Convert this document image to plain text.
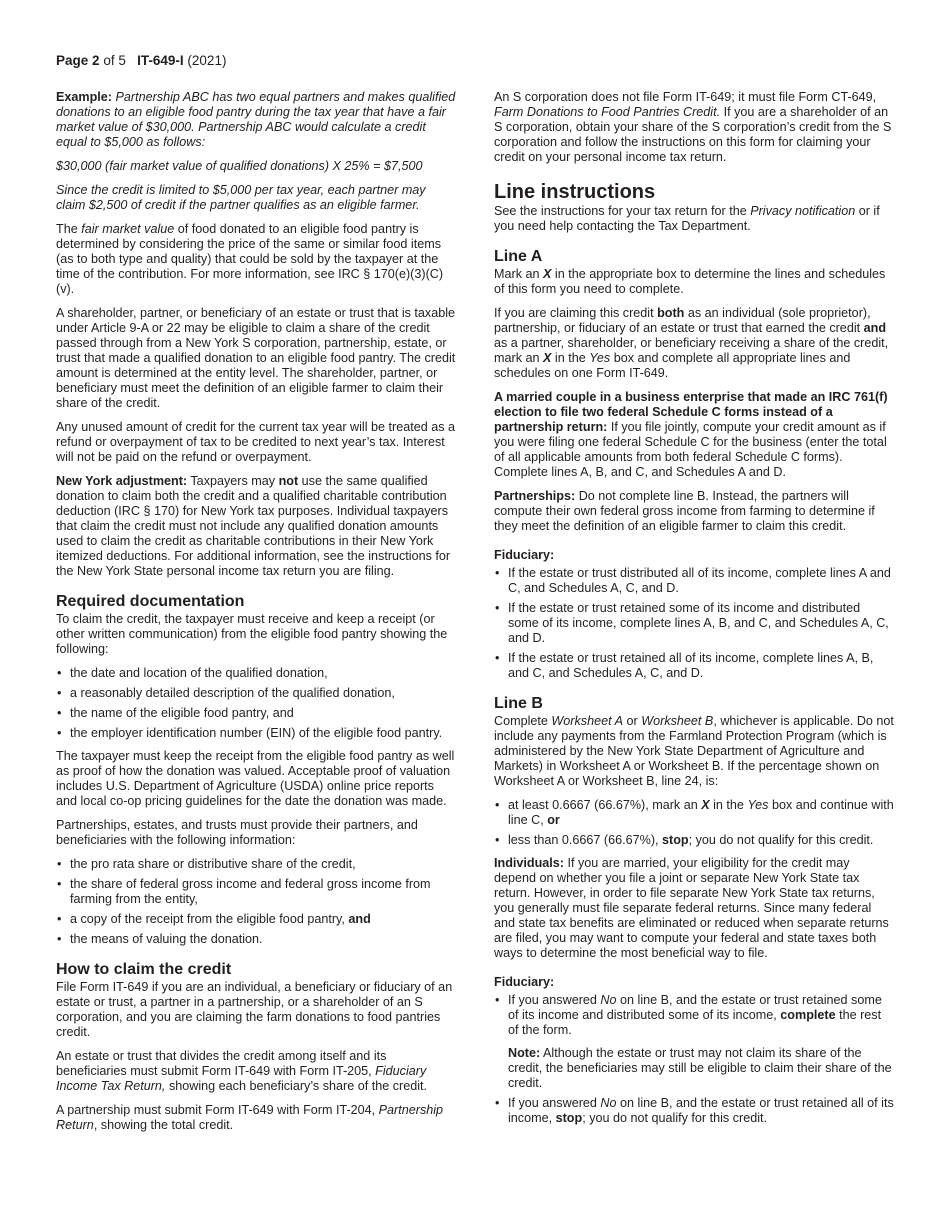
Page 2 of 5 IT-649-I (2021)

Example: Partnership ABC has two equal partners and makes qualified donations to an eligible food pantry during the tax year that have a fair market value of $30,000. Partnership ABC would calculate a credit equal to $5,000 as follows:

$30,000 (fair market value of qualified donations) X 25% = $7,500

Since the credit is limited to $5,000 per tax year, each partner may claim $2,500 of credit if the partner qualifies as an eligible farmer.

The fair market value of food donated to an eligible food pantry is determined by considering the price of the same or similar food items (as to both type and quality) that could be sold by the taxpayer at the time of the contribution. For more information, see IRC § 170(e)(3)(C)(v).

A shareholder, partner, or beneficiary of an estate or trust that is taxable under Article 9-A or 22 may be eligible to claim a share of the credit passed through from a New York S corporation, partnership, estate, or trust that made a qualified donation to an eligible food pantry. The credit amount is determined at the entity level. The shareholder, partner, or beneficiary must meet the definition of an eligible farmer to claim their share of the credit.

Any unused amount of credit for the current tax year will be treated as a refund or overpayment of tax to be credited to next year’s tax. Interest will not be paid on the refund or overpayment.

New York adjustment: Taxpayers may not use the same qualified donation to claim both the credit and a qualified charitable contribution deduction (IRC § 170) for New York tax purposes. Individual taxpayers that claim the credit must not include any qualified donation amounts used to claim the credit as charitable contributions in their New York itemized deductions. For additional information, see the instructions for the New York State personal income tax return you are filing.

Required documentation

To claim the credit, the taxpayer must receive and keep a receipt (or other written communication) from the eligible food pantry showing the following:

• the date and location of the qualified donation,
• a reasonably detailed description of the qualified donation,
• the name of the eligible food pantry, and
• the employer identification number (EIN) of the eligible food pantry.

The taxpayer must keep the receipt from the eligible food pantry as well as proof of how the donation was valued. Acceptable proof of valuation includes U.S. Department of Agriculture (USDA) online price reports and local co-op pricing guidelines for the date the donation was made.

Partnerships, estates, and trusts must provide their partners, and beneficiaries with the following information:

• the pro rata share or distributive share of the credit,
• the share of federal gross income and federal gross income from farming from the entity,
• a copy of the receipt from the eligible food pantry, and
• the means of valuing the donation.
How to claim the credit

File Form IT-649 if you are an individual, a beneficiary or fiduciary of an estate or trust, a partner in a partnership, or a shareholder of an S corporation, and you are claiming the farm donations to food pantries credit.

An estate or trust that divides the credit among itself and its beneficiaries must submit Form IT-649 with Form IT-205, Fiduciary Income Tax Return, showing each beneficiary’s share of the credit.

A partnership must submit Form IT-649 with Form IT-204, Partnership Return, showing the total credit.

An S corporation does not file Form IT-649; it must file Form CT-649, Farm Donations to Food Pantries Credit. If you are a shareholder of an S corporation, obtain your share of the S corporation’s credit from the S corporation and follow the instructions on this form for claiming your credit on your personal income tax return.

Line instructions

See the instructions for your tax return for the Privacy notification or if you need help contacting the Tax Department.

Line A

Mark an X in the appropriate box to determine the lines and schedules of this form you need to complete.

If you are claiming this credit both as an individual (sole proprietor), partnership, or fiduciary of an estate or trust that earned the credit and as a partner, shareholder, or beneficiary receiving a share of the credit, mark an X in the Yes box and complete all appropriate lines and schedules on one Form IT-649.

A married couple in a business enterprise that made an IRC 761(f) election to file two federal Schedule C forms instead of a partnership return: If you file jointly, compute your credit amount as if you were filing one federal Schedule C for the business (enter the total of all applicable amounts from both federal Schedule C forms). Complete lines A, B, and C, and Schedules A and D.

Partnerships: Do not complete line B. Instead, the partners will compute their own federal gross income from farming to determine if they meet the definition of an eligible farmer to claim this credit.

Fiduciary:
• If the estate or trust distributed all of its income, complete lines A and C, and Schedules A, C, and D.
• If the estate or trust retained some of its income and distributed some of its income, complete lines A, B, and C, and Schedules A, C, and D.
• If the estate or trust retained all of its income, complete lines A, B, and C, and Schedules A, C, and D.
Line B

Complete Worksheet A or Worksheet B, whichever is applicable. Do not include any payments from the Farmland Protection Program (which is administered by the New York State Department of Agriculture and Markets) in Worksheet A or Worksheet B. If the percentage shown on Worksheet A or Worksheet B, line 24, is:

• at least 0.6667 (66.67%), mark an X in the Yes box and continue with line C, or
• less than 0.6667 (66.67%), stop; you do not qualify for this credit.

Individuals: If you are married, your eligibility for the credit may depend on whether you file a joint or separate New York State tax return. However, in order to file separate New York State tax returns, you generally must file separate federal returns. Since many federal and state tax benefits are eliminated or reduced when separate returns are filed, you may want to compute your federal and state taxes both ways to determine the most beneficial way to file.

Fiduciary:
• If you answered No on line B, and the estate or trust retained some of its income and distributed some of its income, complete the rest of the form.

Note: Although the estate or trust may not claim its share of the credit, the beneficiaries may still be eligible to claim their share of the credit.

• If you answered No on line B, and the estate or trust retained all of its income, stop; you do not qualify for this credit.
